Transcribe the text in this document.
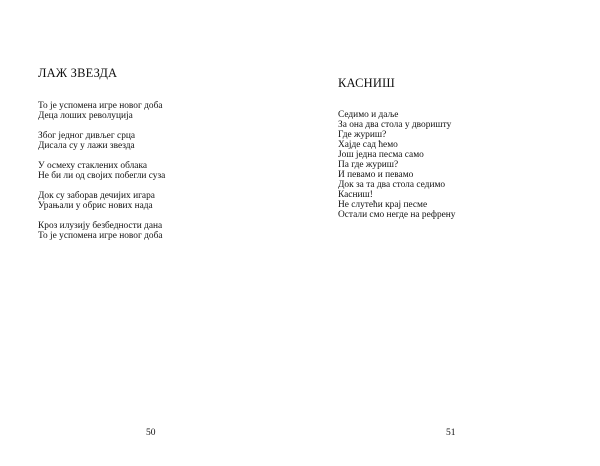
ЛАЖ ЗВЕЗДА
То је успомена игре новог доба
Деца лоших револуција
Због једног дивљег срца
Дисала су у лажи звезда
У осмеху стаклених облака
Не би ли од својих побегли суза
Док су заборав дечијих игара
Урањали у обрис нових нада
Кроз илузију безбедности дана
То је успомена игре новог доба
50
КАСНИШ
Седимо и даље
За она два стола у дворишту
Где журиш?
Хајде сад ћемо
Још једна песма само
Па где журиш?
И певамо и певамо
Док за та два стола седимо
Касниш!
Не слутећи крај песме
Остали смо негде на рефрену
51
